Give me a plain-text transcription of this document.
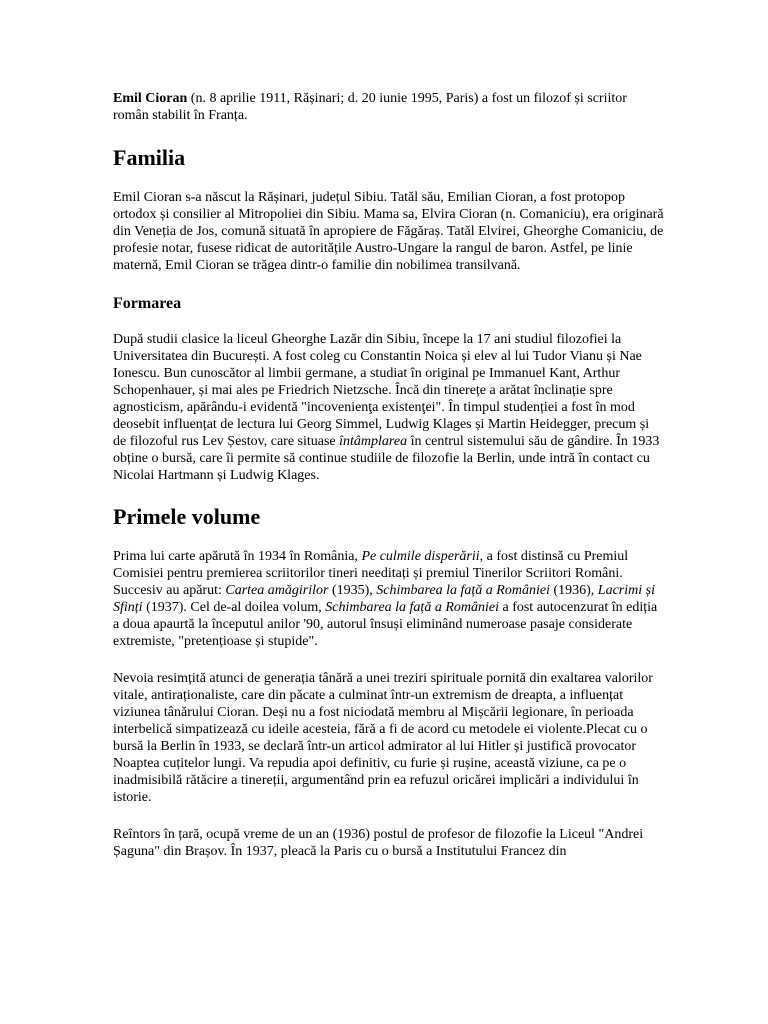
Emil Cioran (n. 8 aprilie 1911, Rășinari; d. 20 iunie 1995, Paris) a fost un filozof și scriitor român stabilit în Franța.

Familia

Emil Cioran s-a născut la Rășinari, județul Sibiu. Tatăl său, Emilian Cioran, a fost protopop ortodox și consilier al Mitropoliei din Sibiu. Mama sa, Elvira Cioran (n. Comaniciu), era originară din Veneția de Jos, comună situată în apropiere de Făgăraș. Tatăl Elvirei, Gheorghe Comaniciu, de profesie notar, fusese ridicat de autoritățile Austro-Ungare la rangul de baron. Astfel, pe linie maternă, Emil Cioran se trăgea dintr-o familie din nobilimea transilvană.

Formarea

După studii clasice la liceul Gheorghe Lazăr din Sibiu, începe la 17 ani studiul filozofiei la Universitatea din București. A fost coleg cu Constantin Noica și elev al lui Tudor Vianu și Nae Ionescu. Bun cunoscător al limbii germane, a studiat în original pe Immanuel Kant, Arthur Schopenhauer, și mai ales pe Friedrich Nietzsche. Încă din tinerețe a arătat înclinație spre agnosticism, apărându-i evidentă "incovenienţa existenţei". În timpul studenției a fost în mod deosebit influențat de lectura lui Georg Simmel, Ludwig Klages și Martin Heidegger, precum și de filozoful rus Lev Șestov, care situase întâmplarea în centrul sistemului său de gândire. În 1933 obține o bursă, care îi permite să continue studiile de filozofie la Berlin, unde intră în contact cu Nicolai Hartmann și Ludwig Klages.

Primele volume

Prima lui carte apărută în 1934 în România, Pe culmile disperării, a fost distinsă cu Premiul Comisiei pentru premierea scriitorilor tineri needitați și premiul Tinerilor Scriitori Români. Succesiv au apărut: Cartea amăgirilor (1935), Schimbarea la față a României (1936), Lacrimi și Sfinți (1937). Cel de-al doilea volum, Schimbarea la față a României a fost autocenzurat în ediția a doua apaurtă la începutul anilor '90, autorul însuși eliminând numeroase pasaje considerate extremiste, "pretențioase și stupide".

Nevoia resimțită atunci de generația tânără a unei treziri spirituale pornită din exaltarea valorilor vitale, antiraționaliste, care din păcate a culminat într-un extremism de dreapta, a influențat viziunea tânărului Cioran. Deși nu a fost niciodată membru al Mișcării legionare, în perioada interbelică simpatizează cu ideile acesteia, fără a fi de acord cu metodele ei violente.Plecat cu o bursă la Berlin în 1933, se declară într-un articol admirator al lui Hitler și justifică provocator Noaptea cuțitelor lungi. Va repudia apoi definitiv, cu furie și rușine, această viziune, ca pe o inadmisibilă rătăcire a tinereții, argumentând prin ea refuzul oricărei implicări a individului în istorie.

Reîntors în țară, ocupă vreme de un an (1936) postul de profesor de filozofie la Liceul "Andrei Șaguna" din Brașov. În 1937, pleacă la Paris cu o bursă a Institutului Francez din
